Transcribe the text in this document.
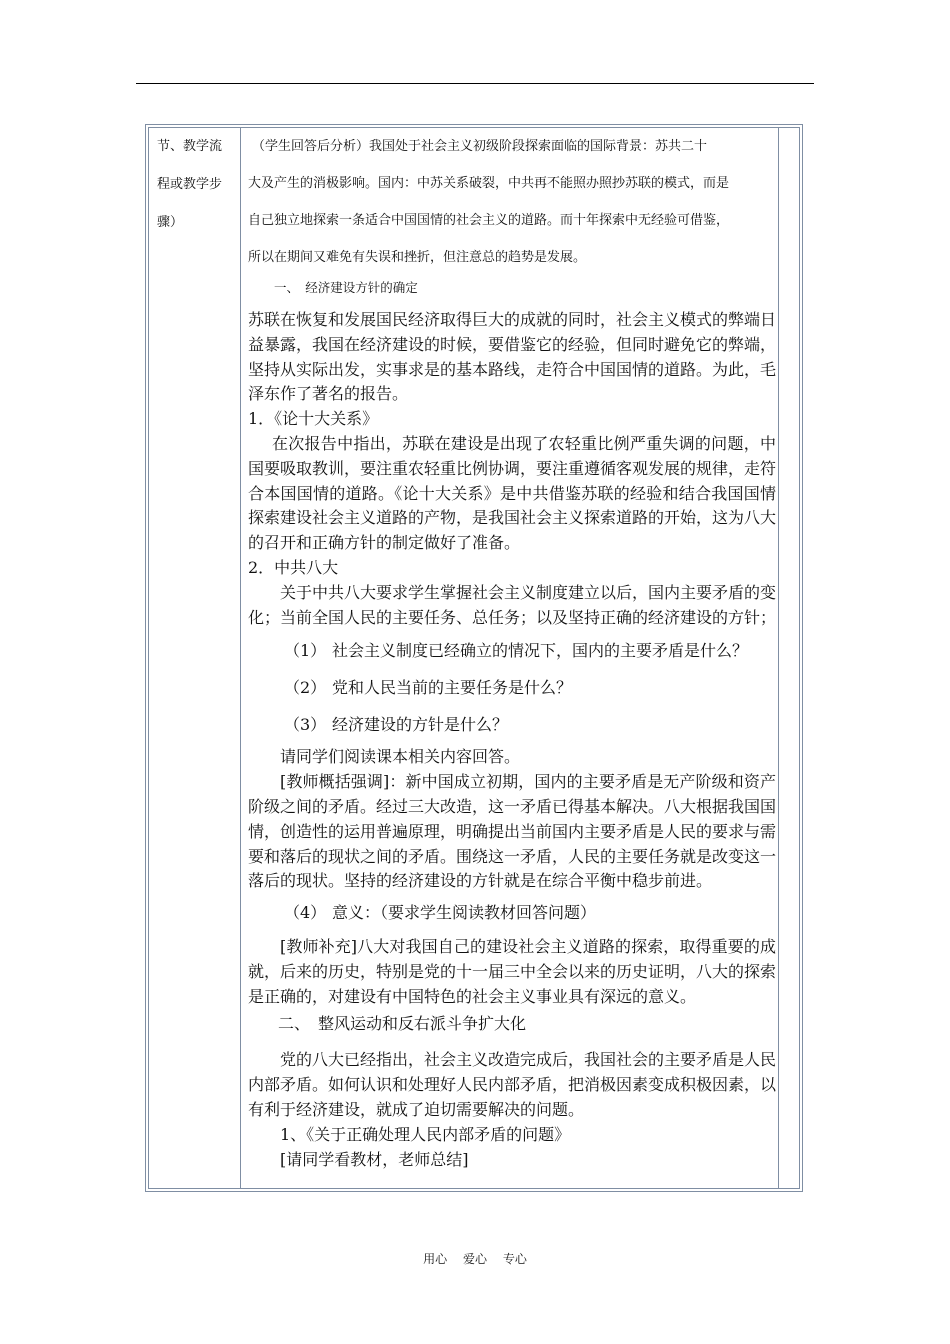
节、教学流
程或教学步
骤）
（学生回答后分析）我国处于社会主义初级阶段探索面临的国际背景：苏共二十
大及产生的消极影响。国内：中苏关系破裂，中共再不能照办照抄苏联的模式，而是
自己独立地探索一条适合中国国情的社会主义的道路。而十年探索中无经验可借鉴，
所以在期间又难免有失误和挫折，但注意总的趋势是发展。
一、　经济建设方针的确定
苏联在恢复和发展国民经济取得巨大的成就的同时，社会主义模式的弊端日益暴露，我国在经济建设的时候，要借鉴它的经验，但同时避免它的弊端，坚持从实际出发，实事求是的基本路线，走符合中国国情的道路。为此，毛泽东作了著名的报告。
1．《论十大关系》
在次报告中指出，苏联在建设是出现了农轻重比例严重失调的问题，中国要吸取教训，要注重农轻重比例协调，要注重遵循客观发展的规律，走符合本国国情的道路。《论十大关系》是中共借鉴苏联的经验和结合我国国情探索建设社会主义道路的产物，是我国社会主义探索道路的开始，这为八大的召开和正确方针的制定做好了准备。
2．中共八大
关于中共八大要求学生掌握社会主义制度建立以后，国内主要矛盾的变化；当前全国人民的主要任务、总任务；以及坚持正确的经济建设的方针；
（1） 社会主义制度已经确立的情况下，国内的主要矛盾是什么？
（2） 党和人民当前的主要任务是什么？
（3） 经济建设的方针是什么？
请同学们阅读课本相关内容回答。
[教师概括强调]：新中国成立初期，国内的主要矛盾是无产阶级和资产阶级之间的矛盾。经过三大改造，这一矛盾已得基本解决。八大根据我国国情，创造性的运用普遍原理，明确提出当前国内主要矛盾是人民的要求与需要和落后的现状之间的矛盾。围绕这一矛盾，人民的主要任务就是改变这一落后的现状。坚持的经济建设的方针就是在综合平衡中稳步前进。
（4） 意义：（要求学生阅读教材回答问题）
[教师补充]八大对我国自己的建设社会主义道路的探索，取得重要的成就，后来的历史，特别是党的十一届三中全会以来的历史证明，八大的探索是正确的，对建设有中国特色的社会主义事业具有深远的意义。
二、　整风运动和反右派斗争扩大化
党的八大已经指出，社会主义改造完成后，我国社会的主要矛盾是人民内部矛盾。如何认识和处理好人民内部矛盾，把消极因素变成积极因素，以有利于经济建设，就成了迫切需要解决的问题。
1、《关于正确处理人民内部矛盾的问题》
[请同学看教材，老师总结]
用心 爱心 专心
